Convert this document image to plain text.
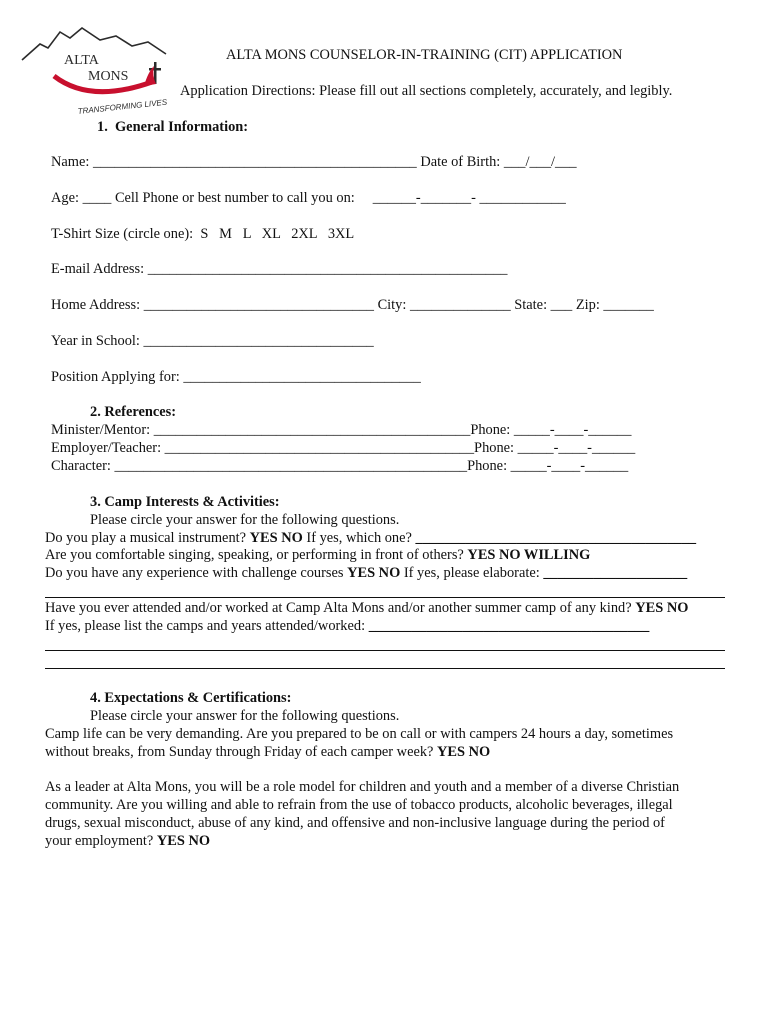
ALTA
MONS
TRANSFORMING LIVES
ALTA MONS COUNSELOR-IN-TRAINING (CIT) APPLICATION
Application Directions: Please fill out all sections completely, accurately, and legibly.
1.  General Information:
Name: _____________________________________________ Date of Birth: ___/___/___
Age: ____ Cell Phone or best number to call you on:     ______-_______- ____________
T-Shirt Size (circle one):  S   M   L   XL   2XL   3XL
E-mail Address: __________________________________________________
Home Address: ________________________________ City: ______________ State: ___ Zip: _______
Year in School: ________________________________
Position Applying for: _________________________________
2. References:
Minister/Mentor: ____________________________________________Phone: _____-____-______
Employer/Teacher: ___________________________________________Phone: _____-____-______
Character: _________________________________________________Phone: _____-____-______
3. Camp Interests & Activities:
Please circle your answer for the following questions.
Do you play a musical instrument? YES NO If yes, which one? _______________________________________
Are you comfortable singing, speaking, or performing in front of others? YES NO WILLING
Do you have any experience with challenge courses YES NO If yes, please elaborate: ____________________
Have you ever attended and/or worked at Camp Alta Mons and/or another summer camp of any kind? YES NO
If yes, please list the camps and years attended/worked: _______________________________________
4. Expectations & Certifications:
Please circle your answer for the following questions.
Camp life can be very demanding. Are you prepared to be on call or with campers 24 hours a day, sometimes
without breaks, from Sunday through Friday of each camper week? YES NO
As a leader at Alta Mons, you will be a role model for children and youth and a member of a diverse Christian
community. Are you willing and able to refrain from the use of tobacco products, alcoholic beverages, illegal
drugs, sexual misconduct, abuse of any kind, and offensive and non-inclusive language during the period of
your employment? YES NO
